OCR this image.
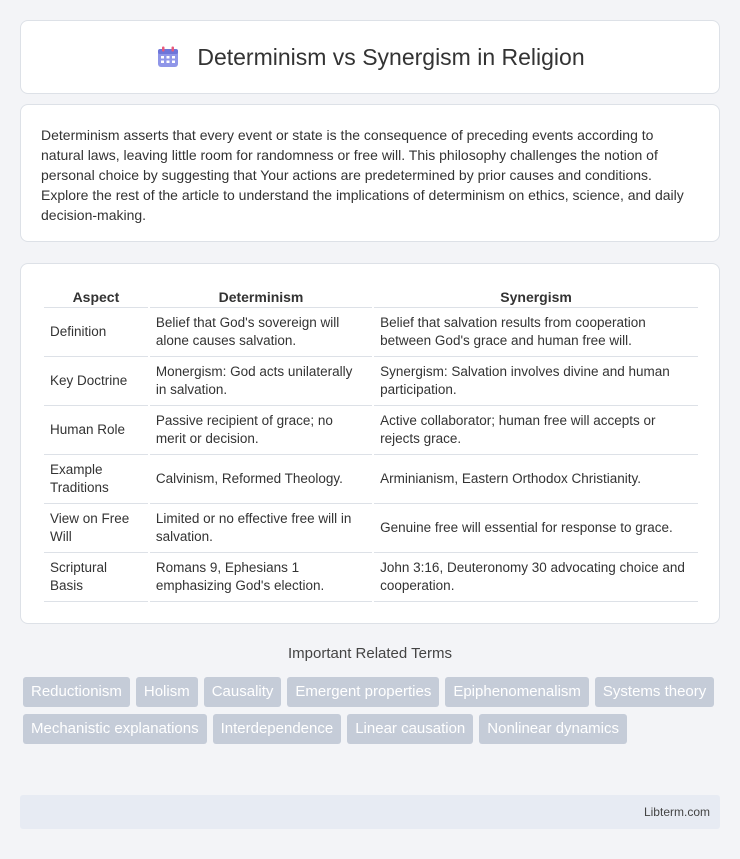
Determinism vs Synergism in Religion

Determinism asserts that every event or state is the consequence of preceding events according to natural laws, leaving little room for randomness or free will. This philosophy challenges the notion of personal choice by suggesting that Your actions are predetermined by prior causes and conditions. Explore the rest of the article to understand the implications of determinism on ethics, science, and daily decision-making.

Aspect	Determinism	Synergism
Definition	Belief that God's sovereign will alone causes salvation.	Belief that salvation results from cooperation between God's grace and human free will.
Key Doctrine	Monergism: God acts unilaterally in salvation.	Synergism: Salvation involves divine and human participation.
Human Role	Passive recipient of grace; no merit or decision.	Active collaborator; human free will accepts or rejects grace.
Example Traditions	Calvinism, Reformed Theology.	Arminianism, Eastern Orthodox Christianity.
View on Free Will	Limited or no effective free will in salvation.	Genuine free will essential for response to grace.
Scriptural Basis	Romans 9, Ephesians 1 emphasizing God's election.	John 3:16, Deuteronomy 30 advocating choice and cooperation.
Important Related Terms
Reductionism	Holism	Causality	Emergent properties	Epiphenomenalism	Systems theory
Mechanistic explanations	Interdependence	Linear causation	Nonlinear dynamics
Libterm.com
